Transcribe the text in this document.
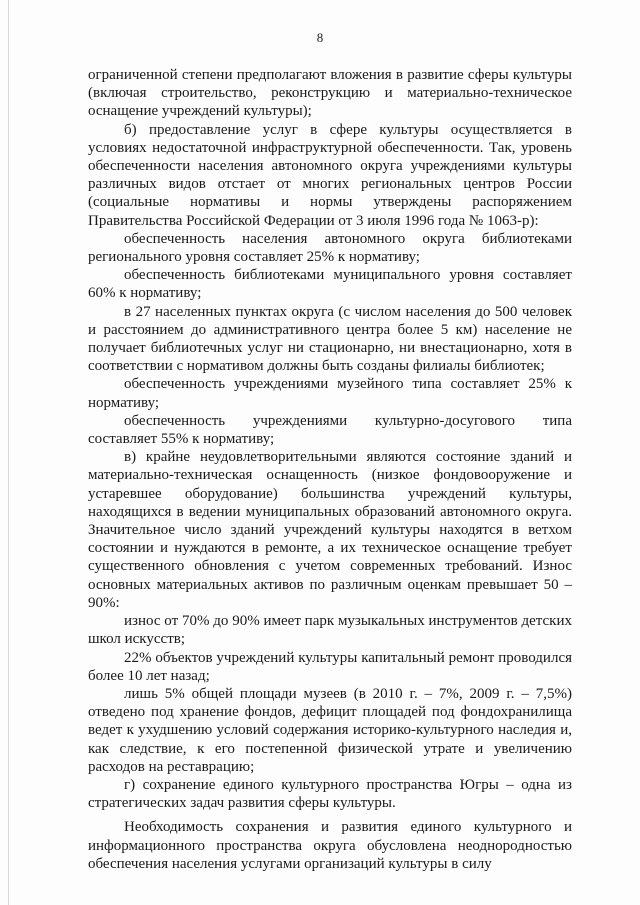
8

ограниченной степени предполагают вложения в развитие сферы культуры (включая строительство, реконструкцию и материально-техническое оснащение учреждений культуры);

б) предоставление услуг в сфере культуры осуществляется в условиях недостаточной инфраструктурной обеспеченности. Так, уровень обеспеченности населения автономного округа учреждениями культуры различных видов отстает от многих региональных центров России (социальные нормативы и нормы утверждены распоряжением Правительства Российской Федерации от 3 июля 1996 года № 1063-р):

обеспеченность населения автономного округа библиотеками регионального уровня составляет 25% к нормативу;

обеспеченность библиотеками муниципального уровня составляет 60% к нормативу;

в 27 населенных пунктах округа (с числом населения до 500 человек и расстоянием до административного центра более 5 км) население не получает библиотечных услуг ни стационарно, ни внестационарно, хотя в соответствии с нормативом должны быть созданы филиалы библиотек;

обеспеченность учреждениями музейного типа составляет 25% к нормативу;

обеспеченность учреждениями культурно-досугового типа составляет 55% к нормативу;

в) крайне неудовлетворительными являются состояние зданий и материально-техническая оснащенность (низкое фондовооружение и устаревшее оборудование) большинства учреждений культуры, находящихся в ведении муниципальных образований автономного округа. Значительное число зданий учреждений культуры находятся в ветхом состоянии и нуждаются в ремонте, а их техническое оснащение требует существенного обновления с учетом современных требований. Износ основных материальных активов по различным оценкам превышает 50 – 90%:

износ от 70% до 90% имеет парк музыкальных инструментов детских школ искусств;

22% объектов учреждений культуры капитальный ремонт проводился более 10 лет назад;

лишь 5% общей площади музеев (в 2010 г. – 7%, 2009 г. – 7,5%) отведено под хранение фондов, дефицит площадей под фондохранилища ведет к ухудшению условий содержания историко-культурного наследия и, как следствие, к его постепенной физической утрате и увеличению расходов на реставрацию;

г) сохранение единого культурного пространства Югры – одна из стратегических задач развития сферы культуры.

Необходимость сохранения и развития единого культурного и информационного пространства округа обусловлена неоднородностью обеспечения населения услугами организаций культуры в силу
